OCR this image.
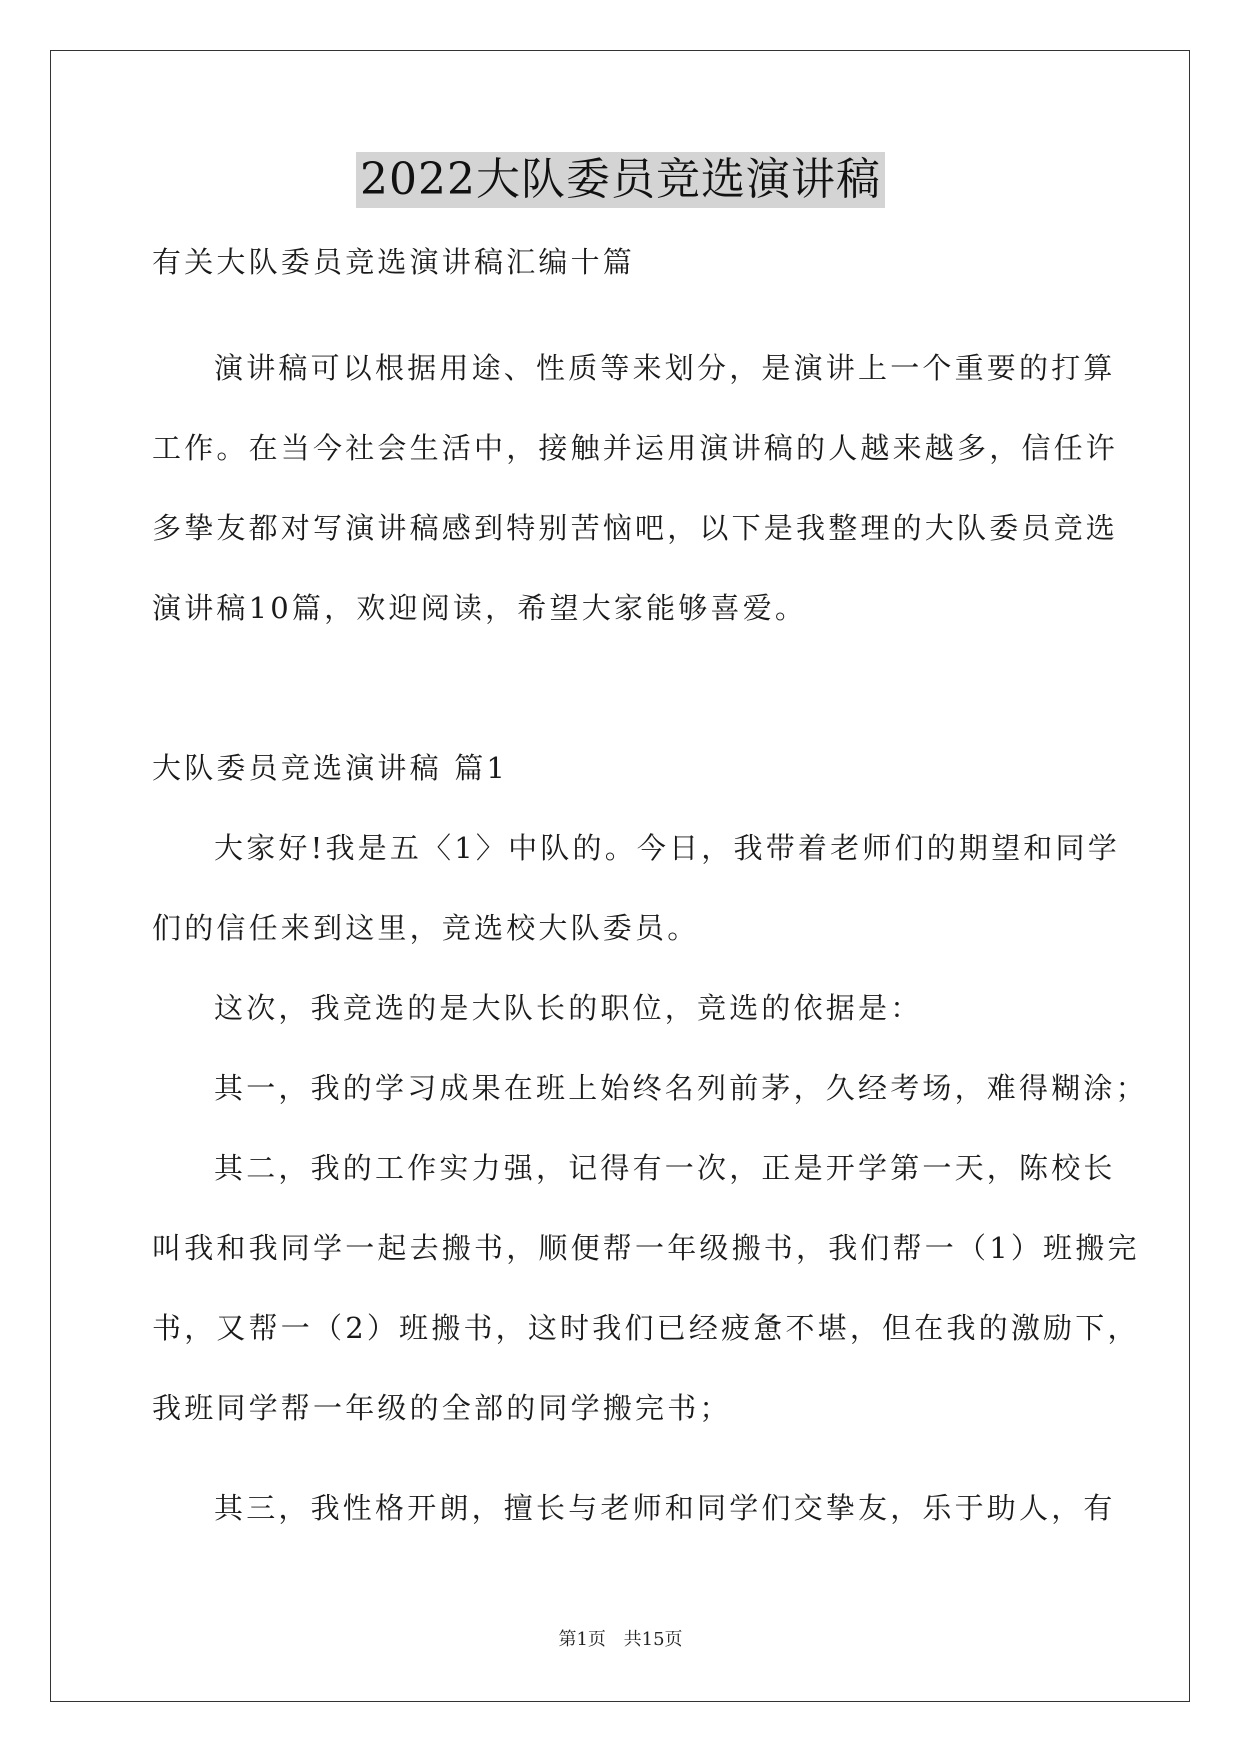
2022大队委员竞选演讲稿
有关大队委员竞选演讲稿汇编十篇
演讲稿可以根据用途、性质等来划分，是演讲上一个重要的打算
工作。在当今社会生活中，接触并运用演讲稿的人越来越多，信任许
多挚友都对写演讲稿感到特别苦恼吧，以下是我整理的大队委员竞选
演讲稿10篇，欢迎阅读，希望大家能够喜爱。
大队委员竞选演讲稿 篇1
大家好!我是五〈1〉中队的。今日，我带着老师们的期望和同学
们的信任来到这里，竞选校大队委员。
这次，我竞选的是大队长的职位，竞选的依据是：
其一，我的学习成果在班上始终名列前茅，久经考场，难得糊涂；
其二，我的工作实力强，记得有一次，正是开学第一天，陈校长
叫我和我同学一起去搬书，顺便帮一年级搬书，我们帮一（1）班搬完
书，又帮一（2）班搬书，这时我们已经疲惫不堪，但在我的激励下，
我班同学帮一年级的全部的同学搬完书；
其三，我性格开朗，擅长与老师和同学们交挚友，乐于助人，有
第1页 共15页
